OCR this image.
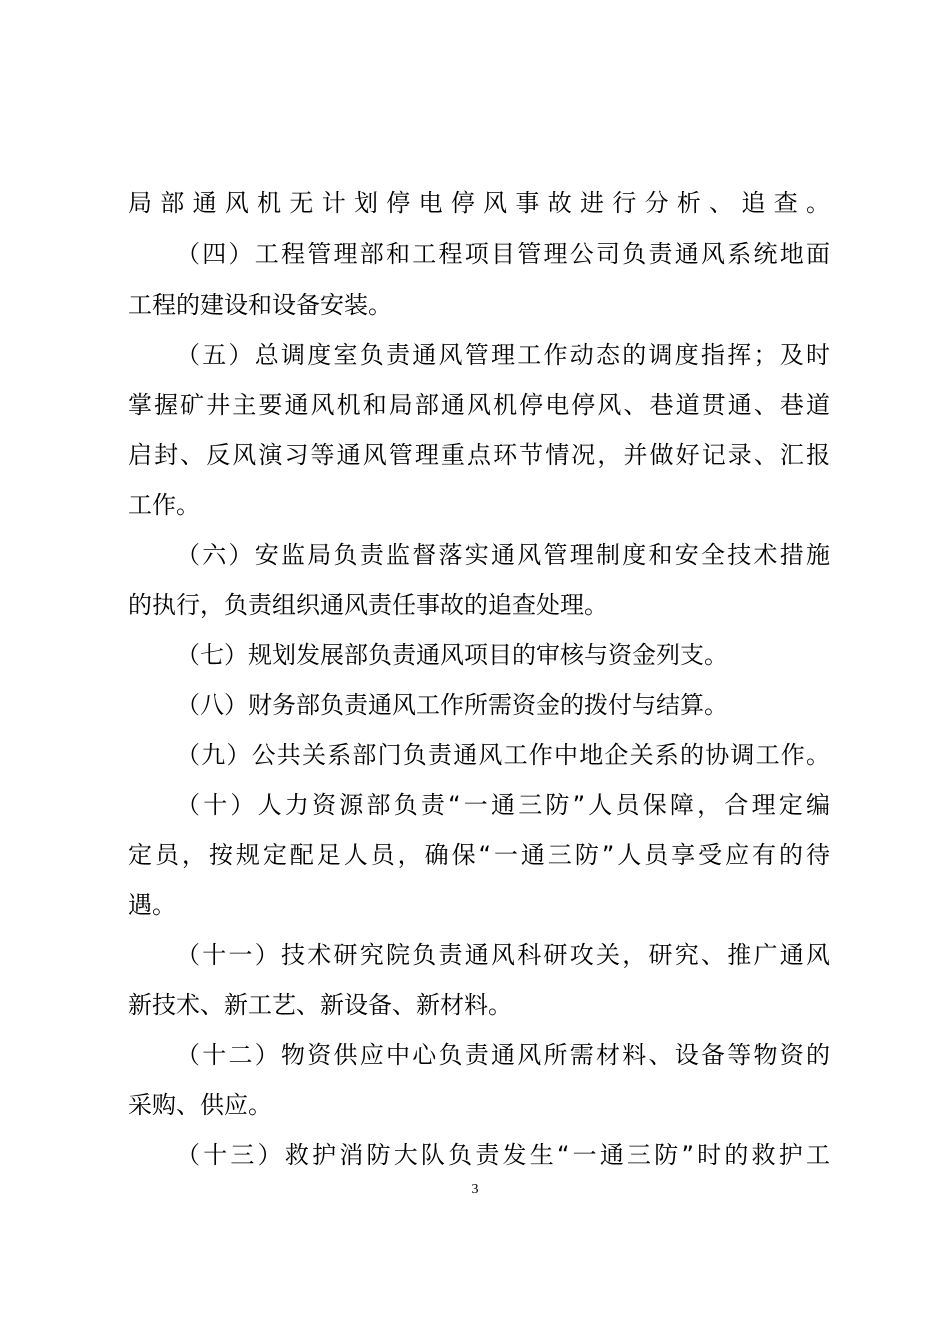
局部通风机无计划停电停风事故进行分析、追查。
（四）工程管理部和工程项目管理公司负责通风系统地面
工程的建设和设备安装。
（五）总调度室负责通风管理工作动态的调度指挥；及时
掌握矿井主要通风机和局部通风机停电停风、巷道贯通、巷道
启封、反风演习等通风管理重点环节情况，并做好记录、汇报
工作。
（六）安监局负责监督落实通风管理制度和安全技术措施
的执行，负责组织通风责任事故的追查处理。
（七）规划发展部负责通风项目的审核与资金列支。
（八）财务部负责通风工作所需资金的拨付与结算。
（九）公共关系部门负责通风工作中地企关系的协调工作。
（十）人力资源部负责“一通三防”人员保障，合理定编
定员，按规定配足人员，确保“一通三防”人员享受应有的待
遇。
（十一）技术研究院负责通风科研攻关，研究、推广通风
新技术、新工艺、新设备、新材料。
（十二）物资供应中心负责通风所需材料、设备等物资的
采购、供应。
（十三）救护消防大队负责发生“一通三防”时的救护工
3
